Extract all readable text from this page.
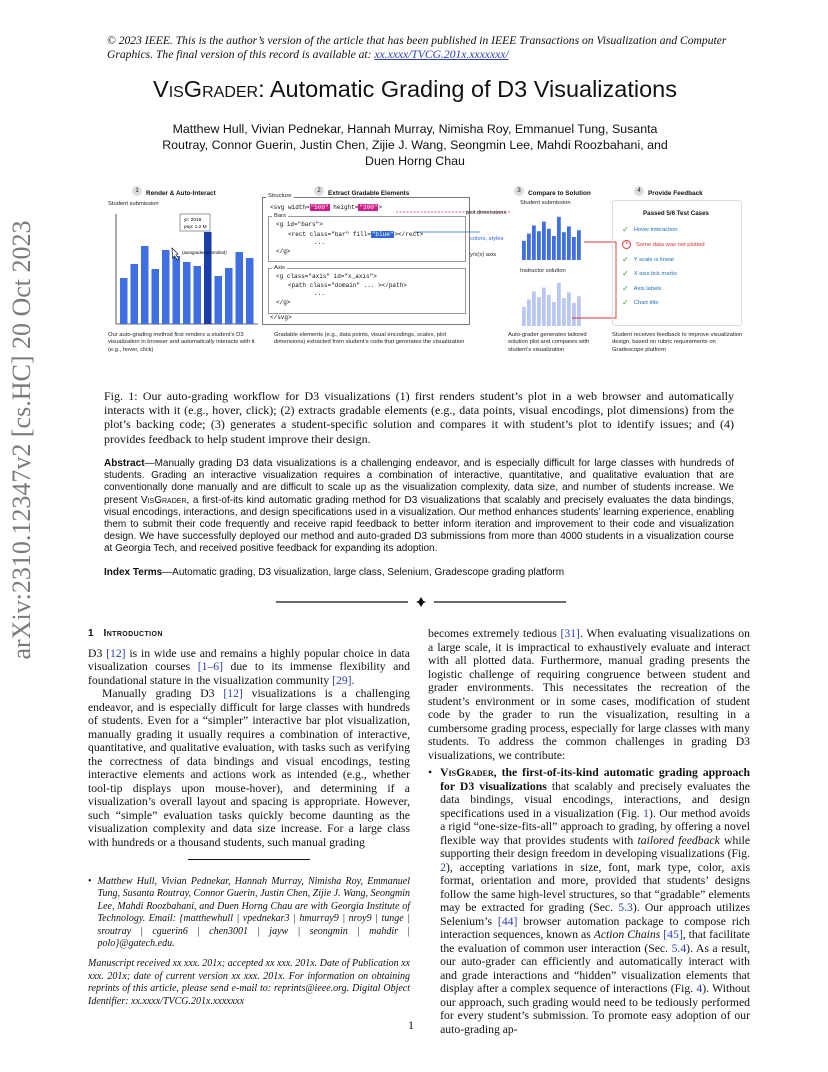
© 2023 IEEE. This is the author’s version of the article that has been published in IEEE Transactions on Visualization and Computer Graphics. The final version of this record is available at: xx.xxxx/TVCG.201x.xxxxxxx/
VisGrader: Automatic Grading of D3 Visualizations
Matthew Hull, Vivian Pednekar, Hannah Murray, Nimisha Roy, Emmanuel Tung, Susanta Routray, Connor Guerin, Justin Chen, Zijie J. Wang, Seongmin Lee, Mahdi Roozbahani, and Duen Horng Chau
arXiv:2310.12347v2 [cs.HC] 20 Oct 2023
1 Render & Auto-Interact	2 Extract Gradable Elements	3 Compare to Solution	4 Provide Feedback
Student submission
yr: 2016
pop: 1.2 M
(autograder-controlled)
Structure
<svg width="500" height="300">
Bars
<g id="bars">
<rect class="bar" fill="blue"></rect>
...
</g>
Axis
<g class="axis" id="x_axis">
<path class="domain" ... ></path>
...
</g>
</svg>
plot dimensions
colors, styles
y/x(x) axis
Student submission
Instructor solution
Passed 5/6 Test Cases
✓ Hover interaction
×	Some data was not plotted
✓ Y scale is linear
✓ X axis tick marks
✓ Axis labels
✓ Chart title
Our auto-grading method first renders a student’s D3 visualization in browser and automatically interacts with it (e.g., hover, click)
Gradable elements (e.g., data points, visual encodings, scales, plot dimensions) extracted from student’s code that generates the visualization
Auto-grader generates tailored solution plot and compares with student’s visualization
Student receives feedback to improve visualization design, based on rubric requirements on Gradescope platform
Fig. 1: Our auto-grading workflow for D3 visualizations (1) first renders student’s plot in a web browser and automatically interacts with it (e.g., hover, click); (2) extracts gradable elements (e.g., data points, visual encodings, plot dimensions) from the plot’s backing code; (3) generates a student-specific solution and compares it with student’s plot to identify issues; and (4) provides feedback to help student improve their design.
Abstract—Manually grading D3 data visualizations is a challenging endeavor, and is especially difficult for large classes with hundreds of students. Grading an interactive visualization requires a combination of interactive, quantitative, and qualitative evaluation that are conventionally done manually and are difficult to scale up as the visualization complexity, data size, and number of students increase. We present VisGrader, a first-of-its kind automatic grading method for D3 visualizations that scalably and precisely evaluates the data bindings, visual encodings, interactions, and design specifications used in a visualization. Our method enhances students’ learning experience, enabling them to submit their code frequently and receive rapid feedback to better inform iteration and improvement to their code and visualization design. We have successfully deployed our method and auto-graded D3 submissions from more than 4000 students in a visualization course at Georgia Tech, and received positive feedback for expanding its adoption.
Index Terms—Automatic grading, D3 visualization, large class, Selenium, Gradescope grading platform
1 Introduction

D3 [12] is in wide use and remains a highly popular choice in data visualization courses [1–6] due to its immense flexibility and foundational stature in the visualization community [29].

Manually grading D3 [12] visualizations is a challenging endeavor, and is especially difficult for large classes with hundreds of students. Even for a “simpler” interactive bar plot visualization, manually grading it usually requires a combination of interactive, quantitative, and qualitative evaluation, with tasks such as verifying the correctness of data bindings and visual encodings, testing interactive elements and actions work as intended (e.g., whether tool-tip displays upon mouse-hover), and determining if a visualization’s overall layout and spacing is appropriate. However, such “simple” evaluation tasks quickly become daunting as the visualization complexity and data size increase. For a large class with hundreds or a thousand students, such manual grading

• Matthew Hull, Vivian Pednekar, Hannah Murray, Nimisha Roy, Emmanuel Tung, Susanta Routray, Connor Guerin, Justin Chen, Zijie J. Wang, Seongmin Lee, Mahdi Roozbahani, and Duen Horng Chau are with Georgia Institute of Technology. Email: {matthewhull | vpednekar3 | hmurray9 | nroy9 | tunge | sroutray | cguerin6 | chen3001 | jayw | seongmin | mahdir | polo}@gatech.edu.
Manuscript received xx xxx. 201x; accepted xx xxx. 201x. Date of Publication xx xxx. 201x; date of current version xx xxx. 201x. For information on obtaining reprints of this article, please send e-mail to: reprints@ieee.org. Digital Object Identifier: xx.xxxx/TVCG.201x.xxxxxxx

becomes extremely tedious [31]. When evaluating visualizations on a large scale, it is impractical to exhaustively evaluate and interact with all plotted data. Furthermore, manual grading presents the logistic challenge of requiring congruence between student and grader environments. This necessitates the recreation of the student’s environment or in some cases, modification of student code by the grader to run the visualization, resulting in a cumbersome grading process, especially for large classes with many students. To address the common challenges in grading D3 visualizations, we contribute:

• VisGrader, the first-of-its-kind automatic grading approach for D3 visualizations that scalably and precisely evaluates the data bindings, visual encodings, interactions, and design specifications used in a visualization (Fig. 1). Our method avoids a rigid “one-size-fits-all” approach to grading, by offering a novel flexible way that provides students with tailored feedback while supporting their design freedom in developing visualizations (Fig. 2), accepting variations in size, font, mark type, color, axis format, orientation and more, provided that students’ designs follow the same high-level structures, so that “gradable” elements may be extracted for grading (Sec. 5.3). Our approach utilizes Selenium’s [44] browser automation package to compose rich interaction sequences, known as Action Chains [45], that facilitate the evaluation of common user interaction (Sec. 5.4). As a result, our auto-grader can efficiently and automatically interact with and grade interactions and “hidden” visualization elements that display after a complex sequence of interactions (Fig. 4). Without our approach, such grading would need to be tediously performed for every student’s submission. To promote easy adoption of our auto-grading ap-

1
